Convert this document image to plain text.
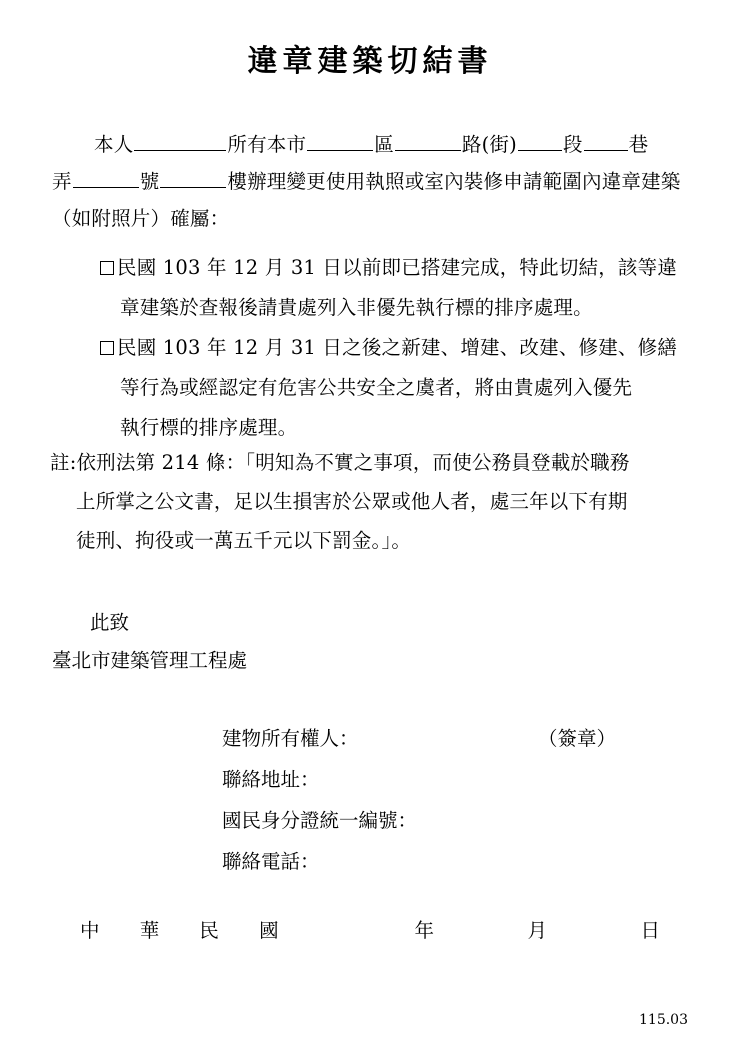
違章建築切結書
本人	所有本市	區	路(街) 段 巷
弄	號	樓辦理變更使用執照或室內裝修申請範圍內違章建築
（如附照片）確屬：
民國 103 年 12 月 31 日以前即已搭建完成，特此切結，該等違
章建築於查報後請貴處列入非優先執行標的排序處理。
民國 103 年 12 月 31 日之後之新建、增建、改建、修建、修繕
等行為或經認定有危害公共安全之虞者，將由貴處列入優先
執行標的排序處理。
註:依刑法第 214 條：「明知為不實之事項，而使公務員登載於職務
上所掌之公文書，足以生損害於公眾或他人者，處三年以下有期
徒刑、拘役或一萬五千元以下罰金。」。
此致
臺北市建築管理工程處
建物所有權人：	（簽章）
聯絡地址：
國民身分證統一編號：
聯絡電話：
中 華 民 國	年	月	日
115.03
